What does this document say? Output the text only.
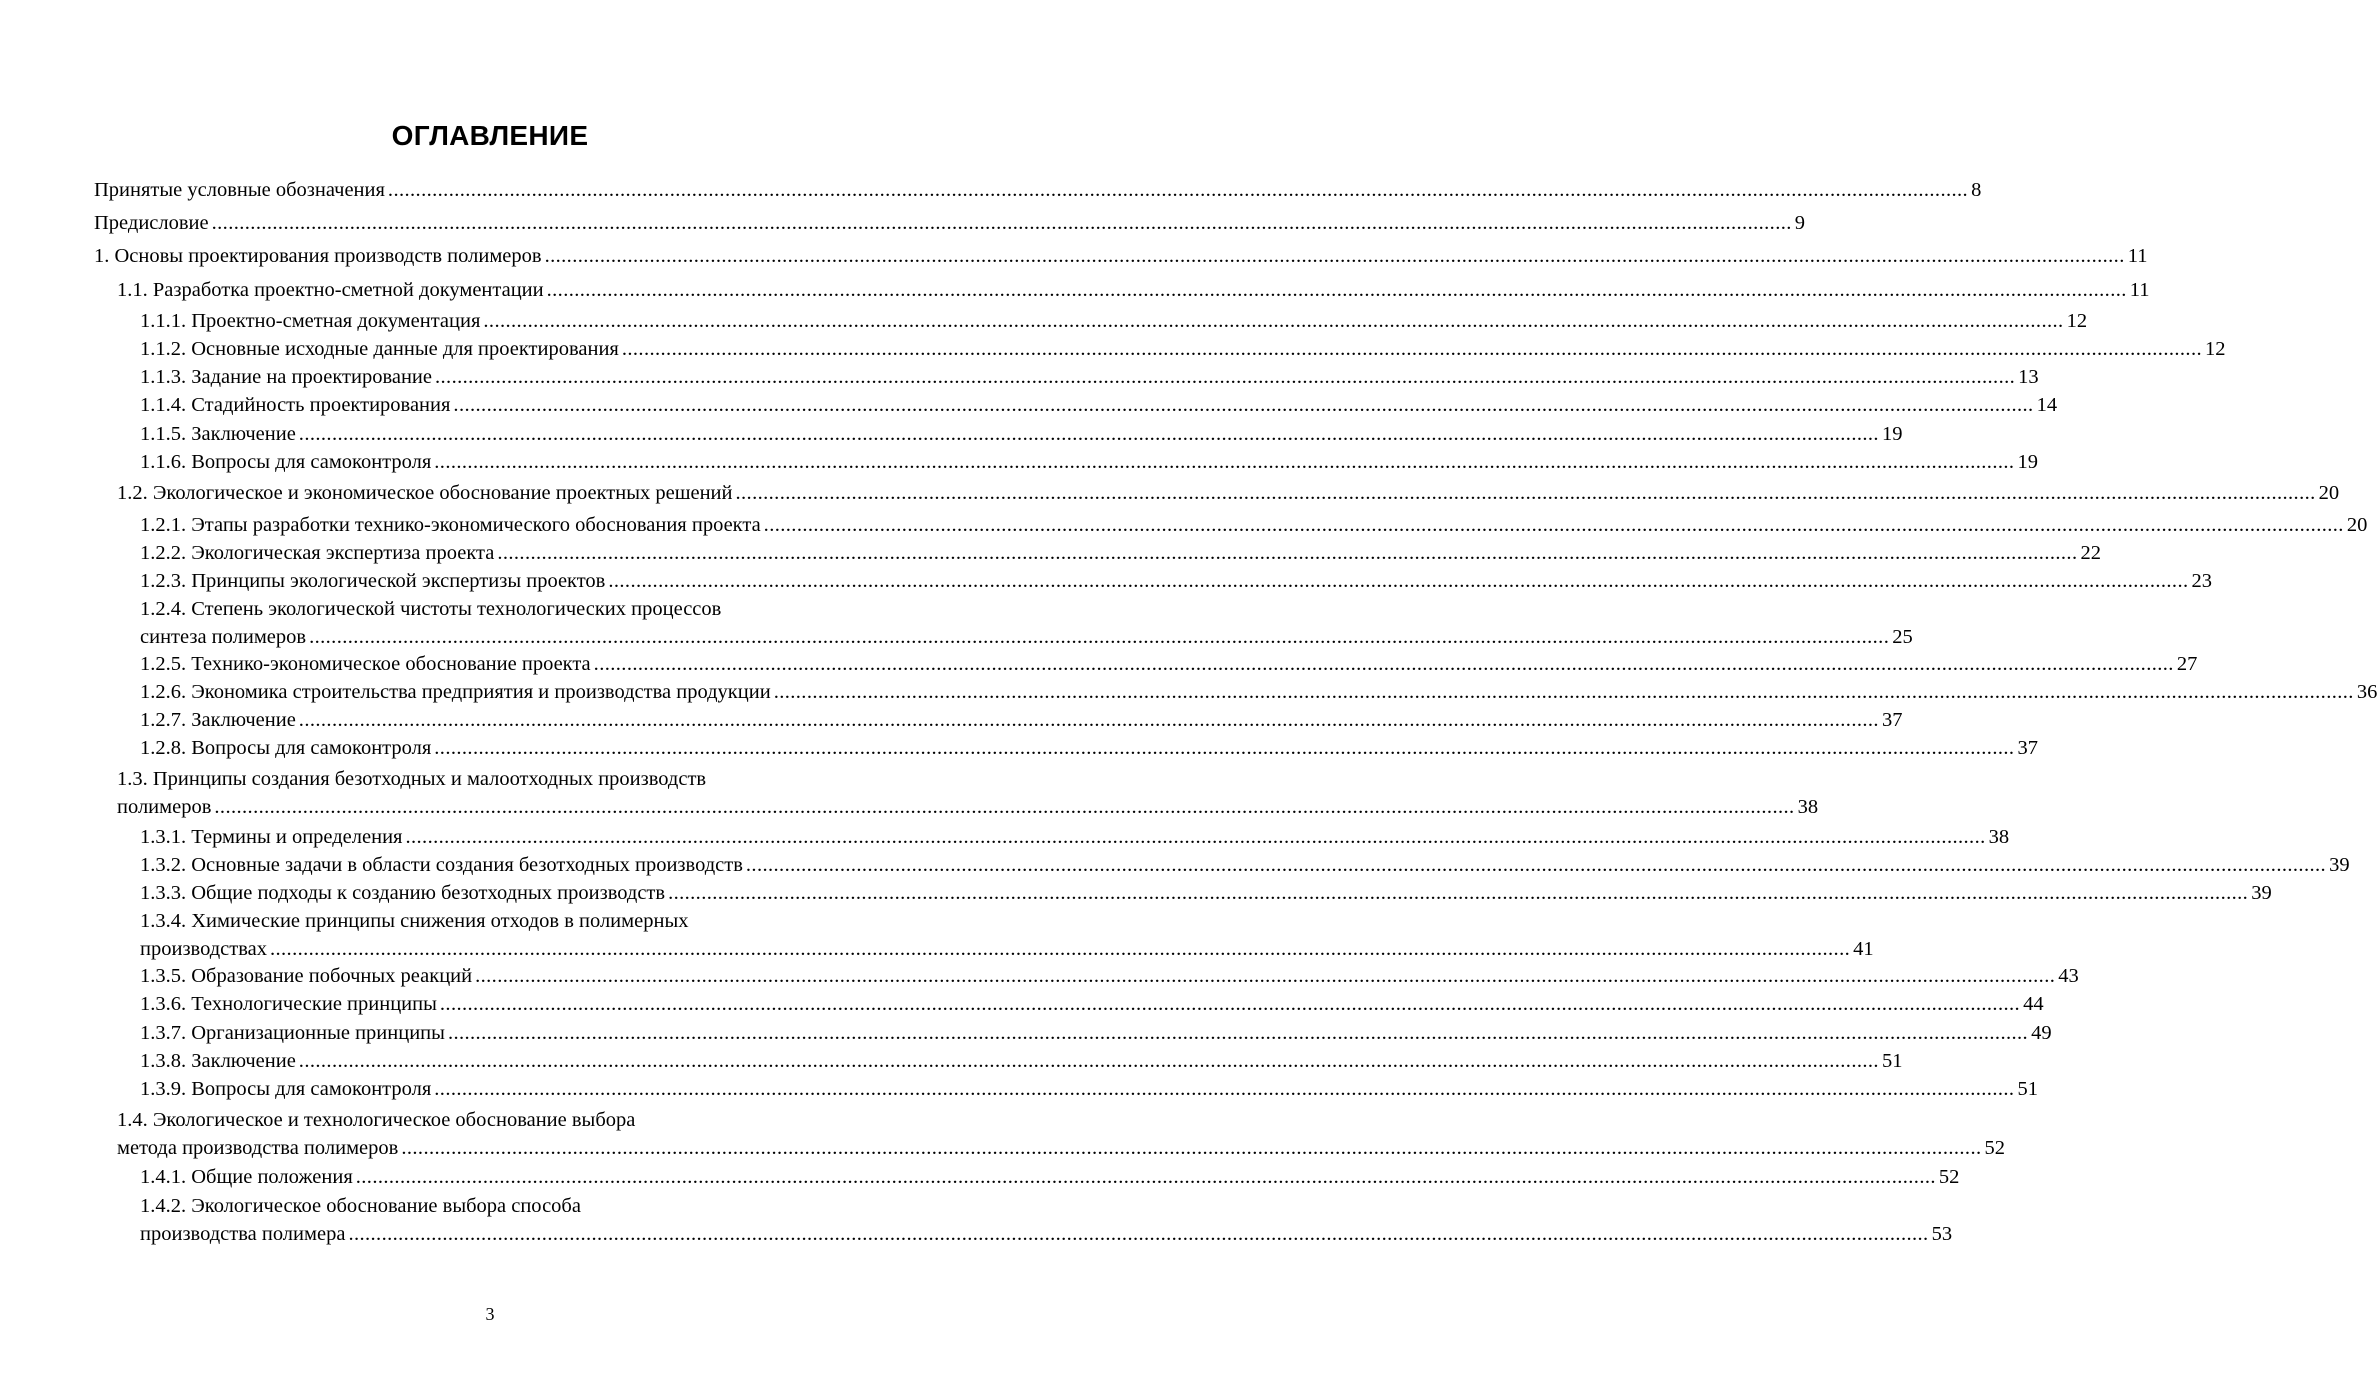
ОГЛАВЛЕНИЕ
Принятые условные обозначения .....	8
Предисловие .....	9
1. Основы проектирования производств полимеров .....	11
1.1. Разработка проектно-сметной документации .....	11
1.1.1. Проектно-сметная документация .....	12
1.1.2. Основные исходные данные для проектирования .....	12
1.1.3. Задание на проектирование .....	13
1.1.4. Стадийность проектирования .....	14
1.1.5. Заключение .....	19
1.1.6. Вопросы для самоконтроля .....	19
1.2. Экологическое и экономическое обоснование проектных решений .....	20
1.2.1. Этапы разработки технико-экономического обоснования проекта .....	20
1.2.2. Экологическая экспертиза проекта .....	22
1.2.3. Принципы экологической экспертизы проектов .....	23
1.2.4. Степень экологической чистоты технологических процессов
синтеза полимеров .....	25
1.2.5. Технико-экономическое обоснование проекта .....	27
1.2.6. Экономика строительства предприятия и производства продукции .....	36
1.2.7. Заключение .....	37
1.2.8. Вопросы для самоконтроля .....	37
1.3. Принципы создания безотходных и малоотходных производств
полимеров .....	38
1.3.1. Термины и определения .....	38
1.3.2. Основные задачи в области создания безотходных производств .....	39
1.3.3. Общие подходы к созданию безотходных производств .....	39
1.3.4. Химические принципы снижения отходов в полимерных
производствах .....	41
1.3.5. Образование побочных реакций .....	43
1.3.6. Технологические принципы .....	44
1.3.7. Организационные принципы .....	49
1.3.8. Заключение .....	51
1.3.9. Вопросы для самоконтроля .....	51
1.4. Экологическое и технологическое обоснование выбора
метода производства полимеров .....	52
1.4.1. Общие положения .....	52
1.4.2. Экологическое обоснование выбора способа
производства полимера .....	53
3
